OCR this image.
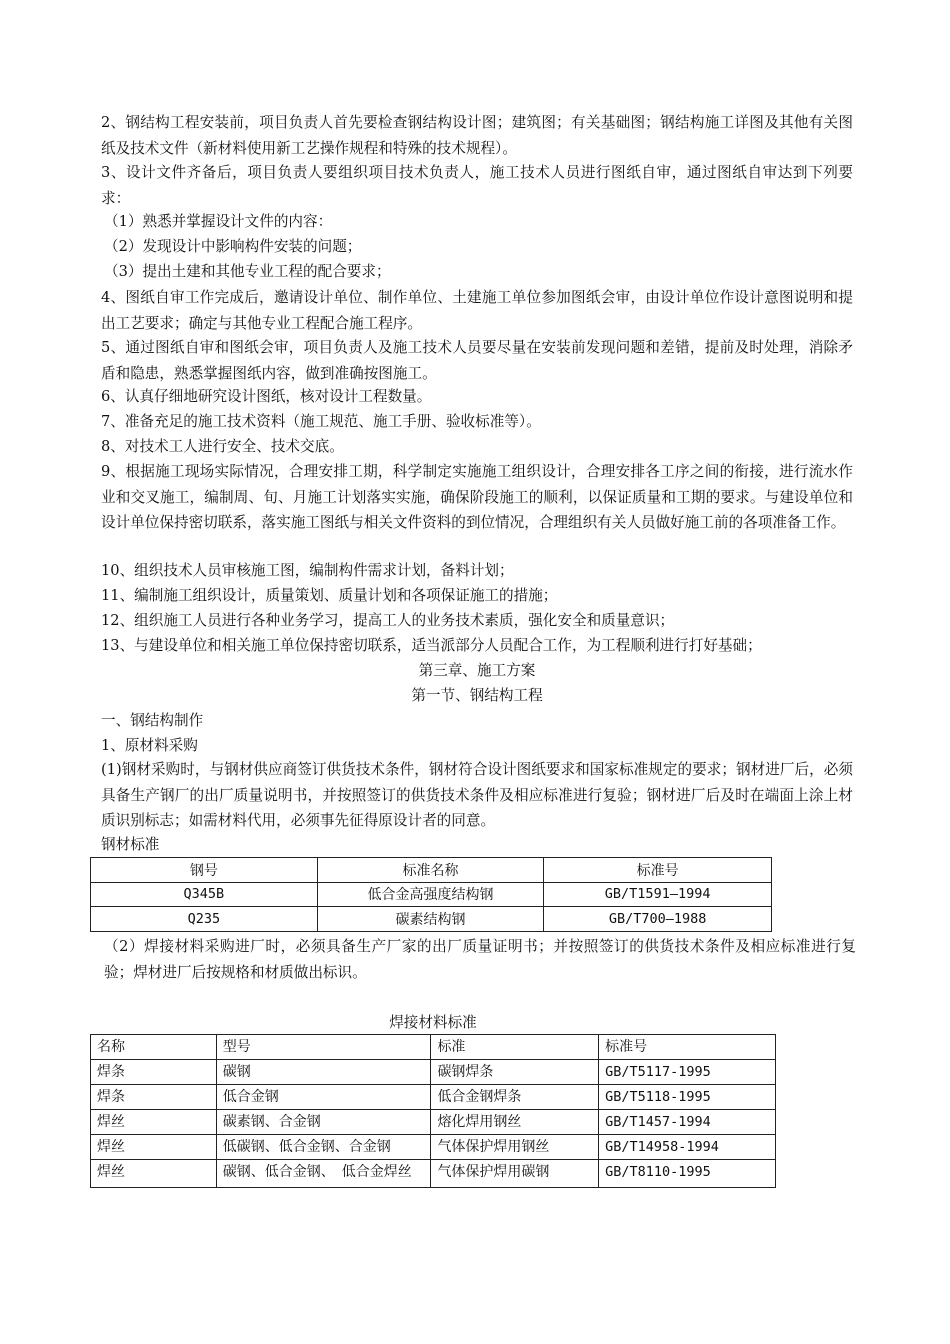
2、钢结构工程安装前，项目负责人首先要检查钢结构设计图；建筑图；有关基础图；钢结构施工详图及其他有关图纸及技术文件（新材料使用新工艺操作规程和特殊的技术规程）。

3、设计文件齐备后，项目负责人要组织项目技术负责人，施工技术人员进行图纸自审，通过图纸自审达到下列要求：

（1）熟悉并掌握设计文件的内容：

（2）发现设计中影响构件安装的问题；

（3）提出土建和其他专业工程的配合要求；

4、图纸自审工作完成后，邀请设计单位、制作单位、土建施工单位参加图纸会审，由设计单位作设计意图说明和提出工艺要求；确定与其他专业工程配合施工程序。

5、通过图纸自审和图纸会审，项目负责人及施工技术人员要尽量在安装前发现问题和差错，提前及时处理，消除矛盾和隐患，熟悉掌握图纸内容，做到准确按图施工。

6、认真仔细地研究设计图纸，核对设计工程数量。

7、准备充足的施工技术资料（施工规范、施工手册、验收标准等）。

8、对技术工人进行安全、技术交底。

9、根据施工现场实际情况，合理安排工期，科学制定实施施工组织设计，合理安排各工序之间的衔接，进行流水作业和交叉施工，编制周、旬、月施工计划落实实施，确保阶段施工的顺利，以保证质量和工期的要求。与建设单位和设计单位保持密切联系，落实施工图纸与相关文件资料的到位情况，合理组织有关人员做好施工前的各项准备工作。

10、组织技术人员审核施工图，编制构件需求计划，备料计划；

11、编制施工组织设计，质量策划、质量计划和各项保证施工的措施；

12、组织施工人员进行各种业务学习，提高工人的业务技术素质，强化安全和质量意识；

13、与建设单位和相关施工单位保持密切联系，适当派部分人员配合工作，为工程顺利进行打好基础；

第三章、施工方案

第一节、钢结构工程

一、钢结构制作

1、原材料采购

(1)钢材采购时，与钢材供应商签订供货技术条件，钢材符合设计图纸要求和国家标准规定的要求；钢材进厂后，必须具备生产钢厂的出厂质量说明书，并按照签订的供货技术条件及相应标准进行复验；钢材进厂后及时在端面上涂上材质识别标志；如需材料代用，必须事先征得原设计者的同意。

钢材标准

钢号	标准名称	标准号
Q345B	低合金高强度结构钢	GB/T1591—1994
Q235	碳素结构钢	GB/T700—1988

（2）焊接材料采购进厂时，必须具备生产厂家的出厂质量证明书；并按照签订的供货技术条件及相应标准进行复验；焊材进厂后按规格和材质做出标识。

焊接材料标准

名称	型号	标准	标准号
焊条	碳钢	碳钢焊条	GB/T5117-1995
焊条	低合金钢	低合金钢焊条	GB/T5118-1995
焊丝	碳素钢、合金钢	熔化焊用钢丝	GB/T1457-1994
焊丝	低碳钢、低合金钢、合金钢	气体保护焊用钢丝	GB/T14958-1994
焊丝	碳钢、低合金钢、　低合金焊丝	气体保护焊用碳钢	GB/T8110-1995
